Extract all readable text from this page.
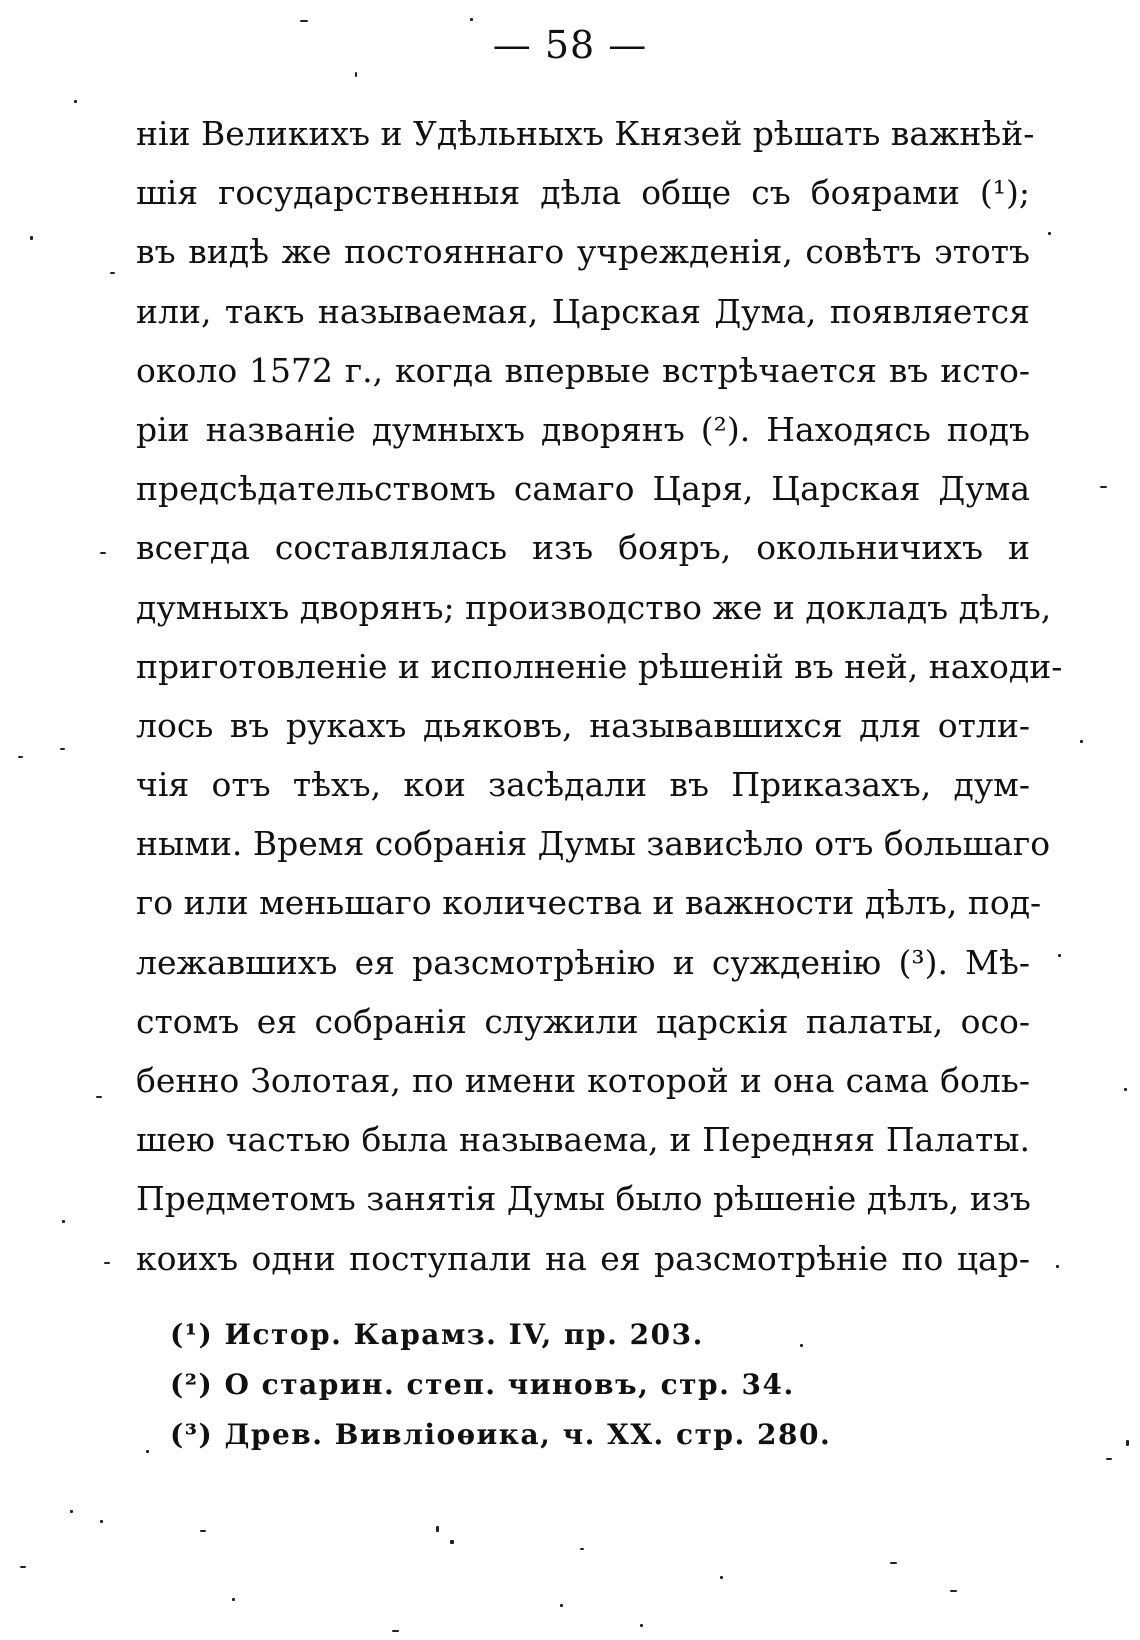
— 58 —
нiи Великихъ и Удѣльныхъ Князей рѣшать важнѣй-
шiя государственныя дѣла обще съ боярами (¹);
въ видѣ же постояннаго учрежденiя, совѣтъ этотъ
или, такъ называемая, Царская Дума, появляется
около 1572 г., когда впервые встрѣчается въ исто-
рiи названiе думныхъ дворянъ (²). Находясь подъ
предсѣдательствомъ самаго Царя, Царская Дума
всегда составлялась изъ бояръ, окольничихъ и
думныхъ дворянъ; производство же и докладъ дѣлъ,
приготовленiе и исполненiе рѣшенiй въ ней, находи-
лось въ рукахъ дьяковъ, называвшихся для отли-
чiя отъ тѣхъ, кои засѣдали въ Приказахъ, дум-
ными. Время собранiя Думы зависѣло отъ большаго
го или меньшаго количества и важности дѣлъ, под-
лежавшихъ ея разсмотрѣнiю и сужденiю (³). Мѣ-
стомъ ея собранiя служили царскiя палаты, осо-
бенно Золотая, по имени которой и она сама боль-
шею частью была называема, и Передняя Палаты.
Предметомъ занятiя Думы было рѣшенiе дѣлъ, изъ
коихъ одни поступали на ея разсмотрѣнiе по цар-
(¹) Истор. Карамз. IV, пр. 203.
(²) О старин. степ. чиновъ, стр. 34.
(³) Древ. Вивлiоѳика, ч. XX. стр. 280.
